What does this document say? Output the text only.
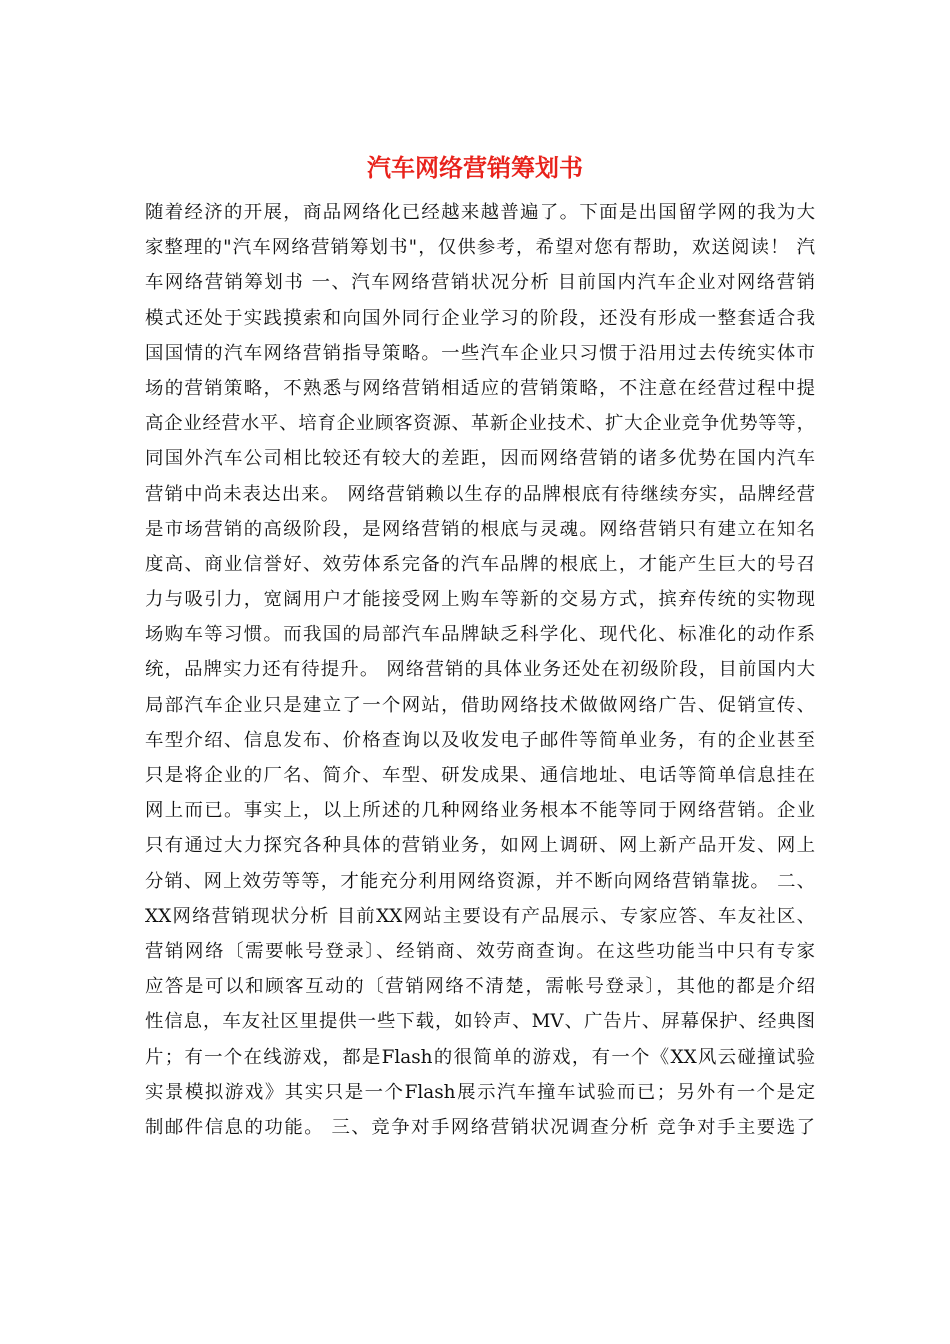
汽车网络营销筹划书
随着经济的开展，商品网络化已经越来越普遍了。下面是出国留学网的我为大
家整理的"汽车网络营销筹划书"，仅供参考，希望对您有帮助，欢送阅读！ 汽
车网络营销筹划书 一、汽车网络营销状况分析 目前国内汽车企业对网络营销
模式还处于实践摸索和向国外同行企业学习的阶段，还没有形成一整套适合我
国国情的汽车网络营销指导策略。一些汽车企业只习惯于沿用过去传统实体市
场的营销策略，不熟悉与网络营销相适应的营销策略，不注意在经营过程中提
高企业经营水平、培育企业顾客资源、革新企业技术、扩大企业竞争优势等等，
同国外汽车公司相比较还有较大的差距，因而网络营销的诸多优势在国内汽车
营销中尚未表达出来。 网络营销赖以生存的品牌根底有待继续夯实，品牌经营
是市场营销的高级阶段，是网络营销的根底与灵魂。网络营销只有建立在知名
度高、商业信誉好、效劳体系完备的汽车品牌的根底上，才能产生巨大的号召
力与吸引力，宽阔用户才能接受网上购车等新的交易方式，摈弃传统的实物现
场购车等习惯。而我国的局部汽车品牌缺乏科学化、现代化、标准化的动作系
统，品牌实力还有待提升。 网络营销的具体业务还处在初级阶段，目前国内大
局部汽车企业只是建立了一个网站，借助网络技术做做网络广告、促销宣传、
车型介绍、信息发布、价格查询以及收发电子邮件等简单业务，有的企业甚至
只是将企业的厂名、简介、车型、研发成果、通信地址、电话等简单信息挂在
网上而已。事实上，以上所述的几种网络业务根本不能等同于网络营销。企业
只有通过大力探究各种具体的营销业务，如网上调研、网上新产品开发、网上
分销、网上效劳等等，才能充分利用网络资源，并不断向网络营销靠拢。 二、
XX网络营销现状分析 目前XX网站主要设有产品展示、专家应答、车友社区、
营销网络〔需要帐号登录〕、经销商、效劳商查询。在这些功能当中只有专家
应答是可以和顾客互动的〔营销网络不清楚，需帐号登录〕，其他的都是介绍
性信息，车友社区里提供一些下载，如铃声、MV、广告片、屏幕保护、经典图
片；有一个在线游戏，都是Flash的很简单的游戏，有一个《XX风云碰撞试验
实景模拟游戏》其实只是一个Flash展示汽车撞车试验而已；另外有一个是定
制邮件信息的功能。 三、竞争对手网络营销状况调查分析 竞争对手主要选了
